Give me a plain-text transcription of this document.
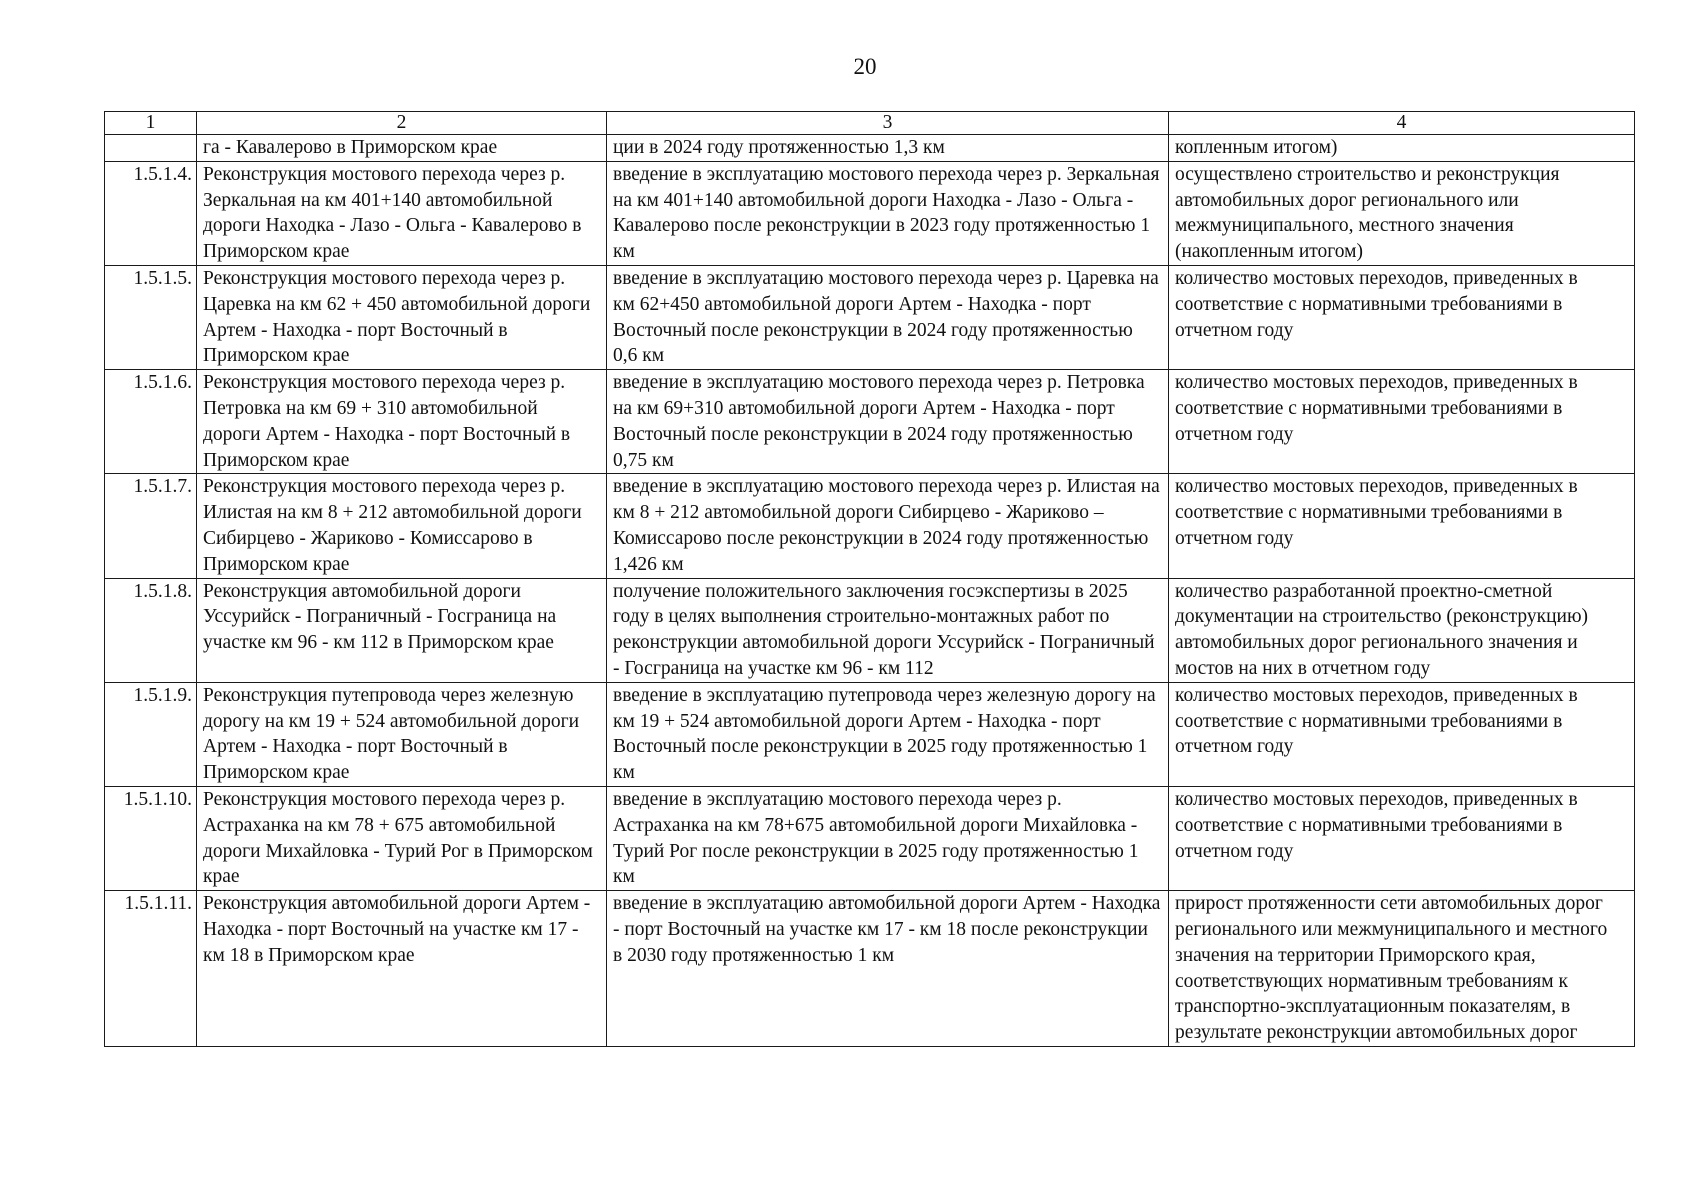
20
1	2	3	4
	га - Кавалерово в Приморском крае	ции в 2024 году протяженностью 1,3 км	копленным итогом)
1.5.1.4.	Реконструкция мостового перехода через р. Зеркальная на км 401+140 автомобильной дороги Находка - Лазо - Ольга - Кавалерово в Приморском крае	введение в эксплуатацию мостового перехода через р. Зеркальная на км 401+140 автомобильной дороги Находка - Лазо - Ольга - Кавалерово после реконструкции в 2023 году протяженностью 1 км	осуществлено строительство и реконструкция автомобильных дорог регионального или межмуниципального, местного значения (накопленным итогом)
1.5.1.5.	Реконструкция мостового перехода через р. Царевка на км 62 + 450 автомобильной дороги Артем - Находка - порт Восточный в Приморском крае	введение в эксплуатацию мостового перехода через р. Царевка на км 62+450 автомобильной дороги Артем - Находка - порт Восточный после реконструкции в 2024 году протяженностью 0,6 км	количество мостовых переходов, приведенных в соответствие с нормативными требованиями в отчетном году
1.5.1.6.	Реконструкция мостового перехода через р. Петровка на км 69 + 310 автомобильной дороги Артем - Находка - порт Восточный в Приморском крае	введение в эксплуатацию мостового перехода через р. Петровка на км 69+310 автомобильной дороги Артем - Находка - порт Восточный после реконструкции в 2024 году протяженностью 0,75 км	количество мостовых переходов, приведенных в соответствие с нормативными требованиями в отчетном году
1.5.1.7.	Реконструкция мостового перехода через р. Илистая на км 8 + 212 автомобильной дороги Сибирцево - Жариково - Комиссарово в Приморском крае	введение в эксплуатацию мостового перехода через р. Илистая на км 8 + 212 автомобильной дороги Сибирцево - Жариково – Комиссарово после реконструкции в 2024 году протяженностью 1,426 км	количество мостовых переходов, приведенных в соответствие с нормативными требованиями в отчетном году
1.5.1.8.	Реконструкция автомобильной дороги Уссурийск - Пограничный - Госграница на участке км 96 - км 112 в Приморском крае	получение положительного заключения госэкспертизы в 2025 году в целях выполнения строительно-монтажных работ по реконструкции автомобильной дороги Уссурийск - Пограничный - Госграница на участке км 96 - км 112	количество разработанной проектно-сметной документации на строительство (реконструкцию) автомобильных дорог регионального значения и мостов на них в отчетном году
1.5.1.9.	Реконструкция путепровода через железную дорогу на км 19 + 524 автомобильной дороги Артем - Находка - порт Восточный в Приморском крае	введение в эксплуатацию путепровода через железную дорогу на км 19 + 524 автомобильной дороги Артем - Находка - порт Восточный после реконструкции в 2025 году протяженностью 1 км	количество мостовых переходов, приведенных в соответствие с нормативными требованиями в отчетном году
1.5.1.10.	Реконструкция мостового перехода через р. Астраханка на км 78 + 675 автомобильной дороги Михайловка - Турий Рог в Приморском крае	введение в эксплуатацию мостового перехода через р. Астраханка на км 78+675 автомобильной дороги Михайловка - Турий Рог после реконструкции в 2025 году протяженностью 1 км	количество мостовых переходов, приведенных в соответствие с нормативными требованиями в отчетном году
1.5.1.11.	Реконструкция автомобильной дороги Артем - Находка - порт Восточный на участке км 17 - км 18 в Приморском крае	введение в эксплуатацию автомобильной дороги Артем - Находка - порт Восточный на участке км 17 - км 18 после реконструкции в 2030 году протяженностью 1 км	прирост протяженности сети автомобильных дорог регионального или межмуниципального и местного значения на территории Приморского края, соответствующих нормативным требованиям к транспортно-эксплуатационным показателям, в результате реконструкции автомобильных дорог
